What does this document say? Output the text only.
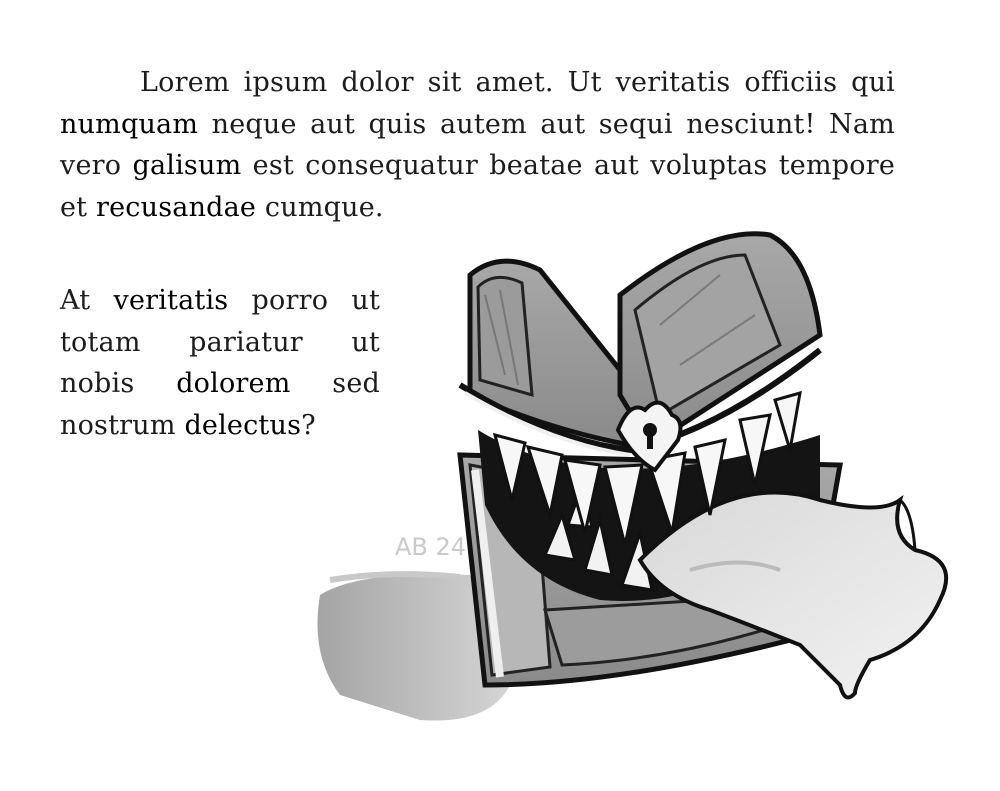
Lorem ipsum dolor sit amet. Ut veritatis officiis qui numquam neque aut quis autem aut sequi nesciunt! Nam vero galisum est consequatur beatae aut voluptas tempore et recusandae cumque.

At veritatis porro ut totam pariatur ut nobis dolorem sed nostrum delectus?

AB 24
